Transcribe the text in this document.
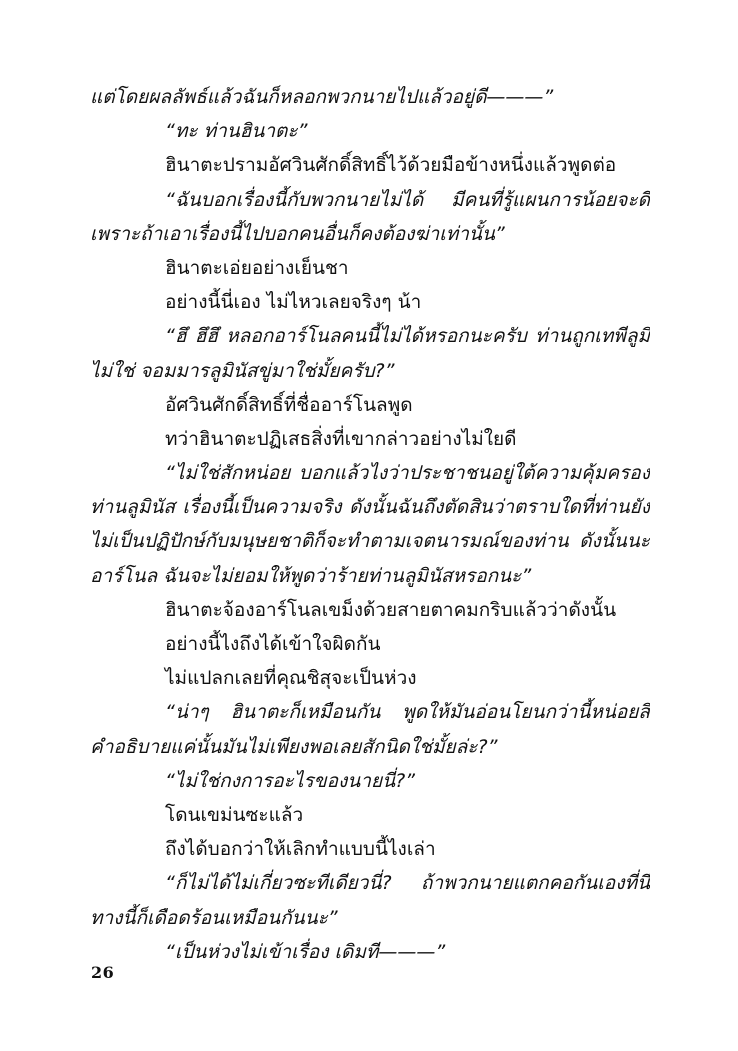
แต่โดยผลลัพธ์แล้วฉันก็หลอกพวกนายไปแล้วอยู่ดี———”
“ทะ ท่านฮินาตะ”
ฮินาตะปรามอัศวินศักดิ์สิทธิ์ไว้ด้วยมือข้างหนึ่งแล้วพูดต่อ
“ฉันบอกเรื่องนี้กับพวกนายไม่ได้ มีคนที่รู้แผนการน้อยจะดี
เพราะถ้าเอาเรื่องนี้ไปบอกคนอื่นก็คงต้องฆ่าเท่านั้น”
ฮินาตะเอ่ยอย่างเย็นชา
อย่างนี้นี่เอง ไม่ไหวเลยจริงๆ น้า
“ฮึ ฮึฮึ หลอกอาร์โนลคนนี้ไม่ได้หรอกนะครับ ท่านถูกเทพีลูมิ
ไม่ใช่ จอมมารลูมินัสขู่มาใช่มั้ยครับ?”
อัศวินศักดิ์สิทธิ์ที่ชื่ออาร์โนลพูด
ทว่าฮินาตะปฏิเสธสิ่งที่เขากล่าวอย่างไม่ใยดี
“ไม่ใช่สักหน่อย บอกแล้วไงว่าประชาชนอยู่ใต้ความคุ้มครอง
ท่านลูมินัส เรื่องนี้เป็นความจริง ดังนั้นฉันถึงตัดสินว่าตราบใดที่ท่านยัง
ไม่เป็นปฏิปักษ์กับมนุษยชาติก็จะทำตามเจตนารมณ์ของท่าน ดังนั้นนะ
อาร์โนล ฉันจะไม่ยอมให้พูดว่าร้ายท่านลูมินัสหรอกนะ”
ฮินาตะจ้องอาร์โนลเขม็งด้วยสายตาคมกริบแล้วว่าดังนั้น
อย่างนี้ไงถึงได้เข้าใจผิดกัน
ไม่แปลกเลยที่คุณชิสุจะเป็นห่วง
“น่าๆ ฮินาตะก็เหมือนกัน พูดให้มันอ่อนโยนกว่านี้หน่อยสิ
คำอธิบายแค่นั้นมันไม่เพียงพอเลยสักนิดใช่มั้ยล่ะ?”
“ไม่ใช่กงการอะไรของนายนี่?”
โดนเขม่นซะแล้ว
ถึงได้บอกว่าให้เลิกทำแบบนี้ไงเล่า
“ก็ไม่ได้ไม่เกี่ยวซะทีเดียวนี่? ถ้าพวกนายแตกคอกันเองที่นี่
ทางนี้ก็เดือดร้อนเหมือนกันนะ”
“เป็นห่วงไม่เข้าเรื่อง เดิมที———”
26
